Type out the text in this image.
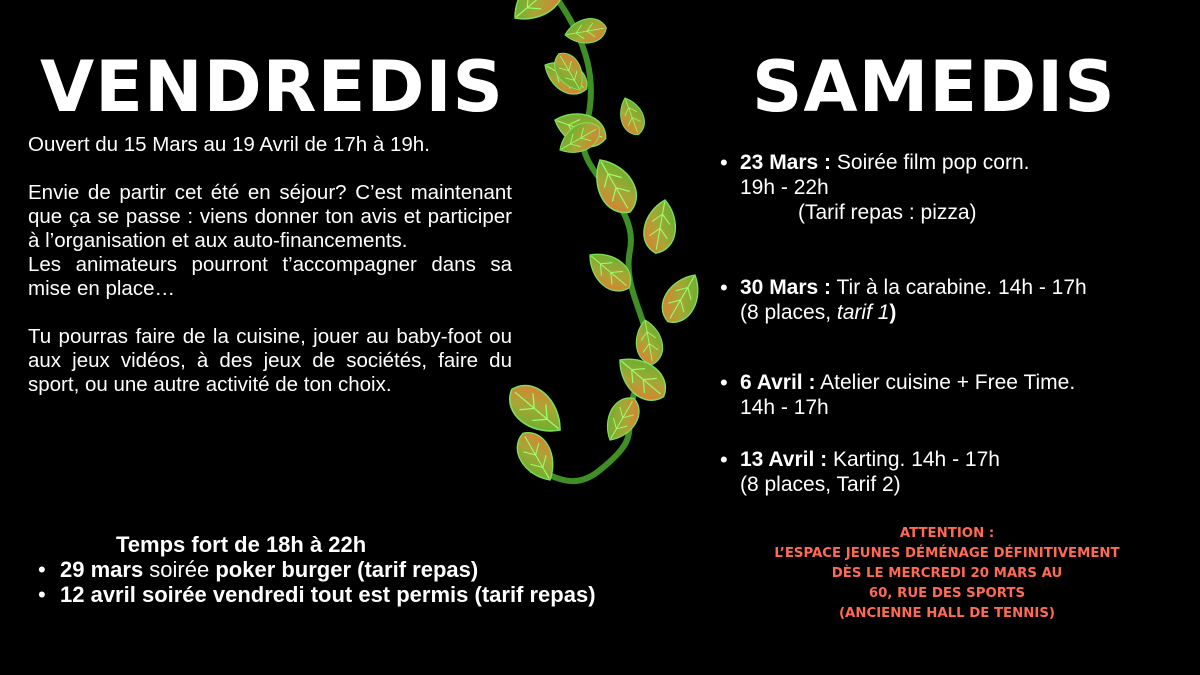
VENDREDIS	SAMEDIS

Ouvert du 15 Mars au 19 Avril de 17h à 19h.

Envie de partir cet été en séjour? C’est maintenant que ça se passe : viens donner ton avis et participer à l’organisation et aux auto-financements.

Les animateurs pourront t’accompagner dans sa mise en place…

Tu pourras faire de la cuisine, jouer au baby-foot ou aux jeux vidéos, à des jeux de sociétés, faire du sport, ou une autre activité de ton choix.

Temps fort de 18h à 22h
• 29 mars soirée poker burger (tarif repas)
• 12 avril soirée vendredi tout est permis (tarif repas)
• 23 Mars : Soirée film pop corn.
19h - 22h

(Tarif repas : pizza)
• 30 Mars : Tir à la carabine. 14h - 17h
(8 places, tarif 1)
• 6 Avril : Atelier cuisine + Free Time.
14h - 17h
• 13 Avril : Karting. 14h - 17h
(8 places, Tarif 2)
ATTENTION :
L’ESPACE JEUNES DÉMÉNAGE DÉFINITIVEMENT
DÈS LE MERCREDI 20 MARS AU
60, RUE DES SPORTS
(ANCIENNE HALL DE TENNIS)
